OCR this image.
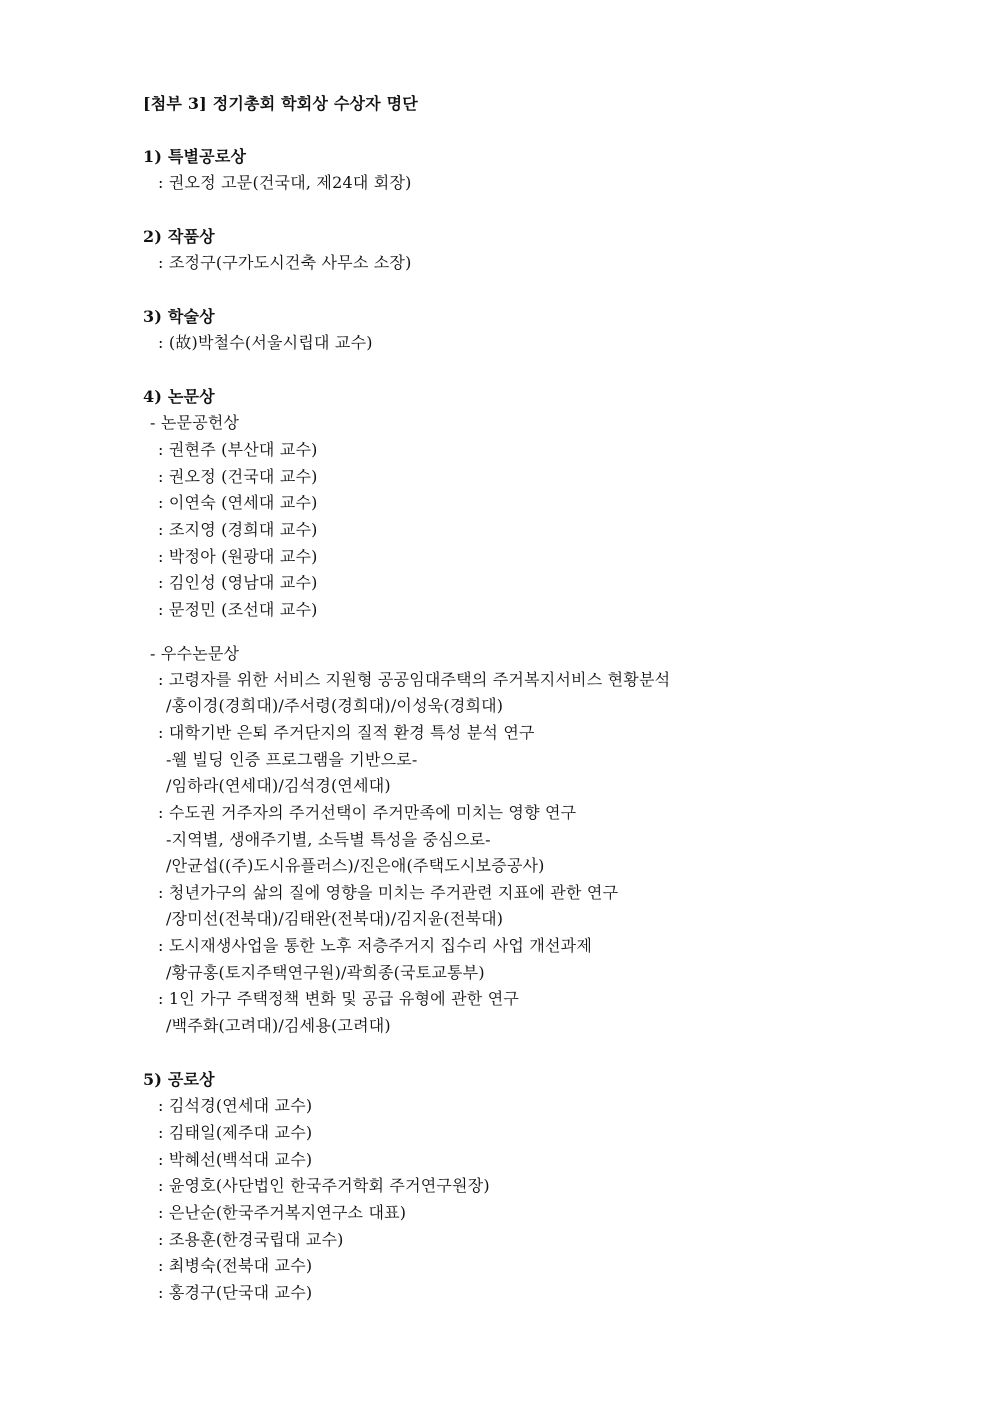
[첨부 3] 정기총회 학회상 수상자 명단
1) 특별공로상
: 권오정 고문(건국대, 제24대 회장)
2) 작품상
: 조정구(구가도시건축 사무소 소장)
3) 학술상
: (故)박철수(서울시립대 교수)
4) 논문상
- 논문공헌상
: 권현주 (부산대 교수)
: 권오정 (건국대 교수)
: 이연숙 (연세대 교수)
: 조지영 (경희대 교수)
: 박정아 (원광대 교수)
: 김인성 (영남대 교수)
: 문정민 (조선대 교수)
- 우수논문상
: 고령자를 위한 서비스 지원형 공공임대주택의 주거복지서비스 현황분석
/홍이경(경희대)/주서령(경희대)/이성욱(경희대)
: 대학기반 은퇴 주거단지의 질적 환경 특성 분석 연구
-웰 빌딩 인증 프로그램을 기반으로-
/임하라(연세대)/김석경(연세대)
: 수도권 거주자의 주거선택이 주거만족에 미치는 영향 연구
-지역별, 생애주기별, 소득별 특성을 중심으로-
/안균섭((주)도시유플러스)/진은애(주택도시보증공사)
: 청년가구의 삶의 질에 영향을 미치는 주거관련 지표에 관한 연구
/장미선(전북대)/김태완(전북대)/김지윤(전북대)
: 도시재생사업을 통한 노후 저층주거지 집수리 사업 개선과제
/황규홍(토지주택연구원)/곽희종(국토교통부)
: 1인 가구 주택정책 변화 및 공급 유형에 관한 연구
/백주화(고려대)/김세용(고려대)
5) 공로상
: 김석경(연세대 교수)
: 김태일(제주대 교수)
: 박혜선(백석대 교수)
: 윤영호(사단법인 한국주거학회 주거연구원장)
: 은난순(한국주거복지연구소 대표)
: 조용훈(한경국립대 교수)
: 최병숙(전북대 교수)
: 홍경구(단국대 교수)
